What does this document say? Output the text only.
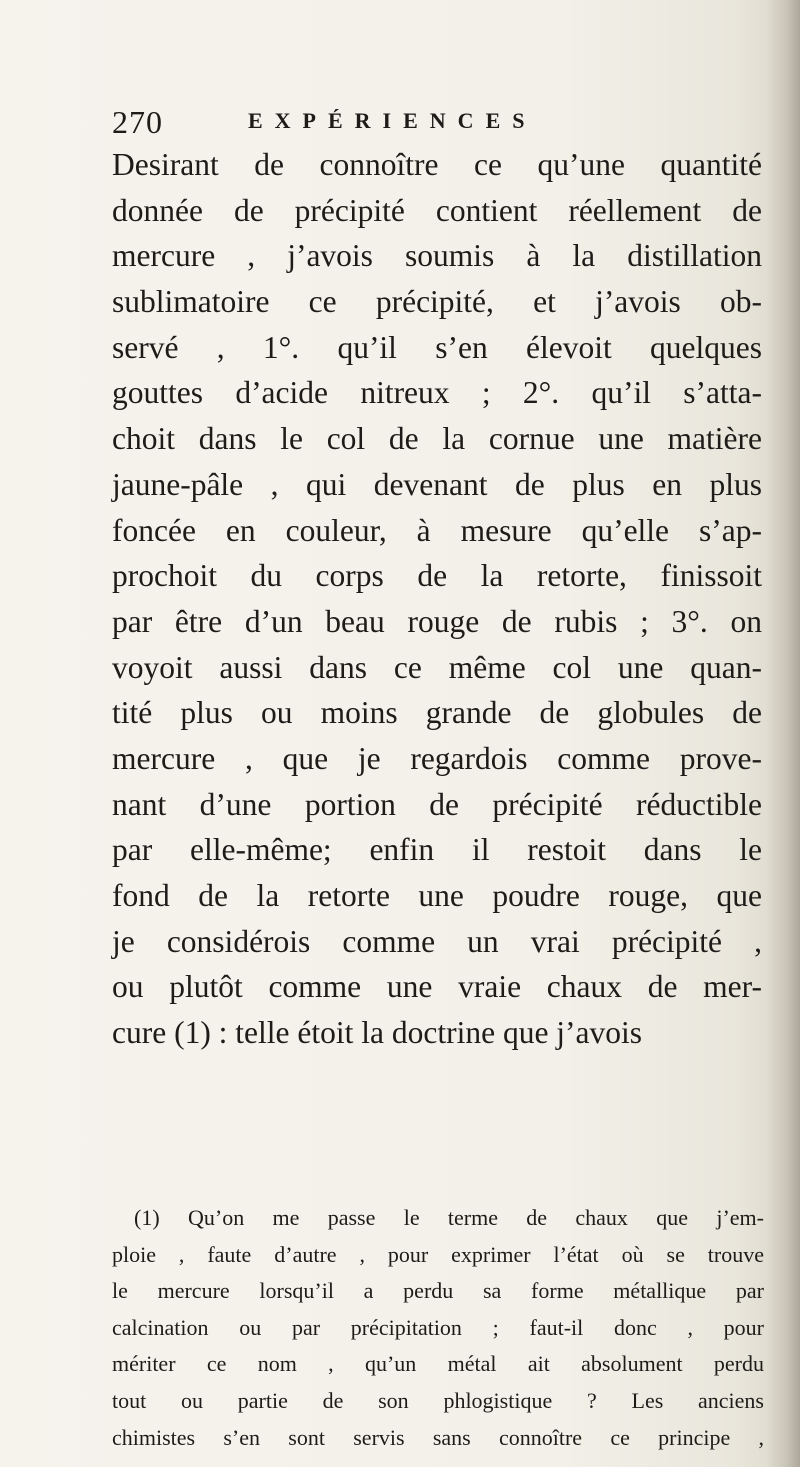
270	EXPÉRIENCES
Desirant de connoître ce qu’une quantité
donnée de précipité contient réellement de
mercure , j’avois soumis à la distillation
sublimatoire ce précipité, et j’avois ob-
servé , 1°. qu’il s’en élevoit quelques
gouttes d’acide nitreux ; 2°. qu’il s’atta-
choit dans le col de la cornue une matière
jaune-pâle , qui devenant de plus en plus
foncée en couleur, à mesure qu’elle s’ap-
prochoit du corps de la retorte, finissoit
par être d’un beau rouge de rubis ; 3°. on
voyoit aussi dans ce même col une quan-
tité plus ou moins grande de globules de
mercure , que je regardois comme prove-
nant d’une portion de précipité réductible
par elle-même; enfin il restoit dans le
fond de la retorte une poudre rouge, que
je considérois comme un vrai précipité ,
ou plutôt comme une vraie chaux de mer-
cure (1) : telle étoit la doctrine que j’avois
(1) Qu’on me passe le terme de chaux que j’em-
ploie , faute d’autre , pour exprimer l’état où se trouve
le mercure lorsqu’il a perdu sa forme métallique par
calcination ou par précipitation ; faut-il donc , pour
mériter ce nom , qu’un métal ait absolument perdu
tout ou partie de son phlogistique ? Les anciens
chimistes s’en sont servis sans connoître ce principe ,
